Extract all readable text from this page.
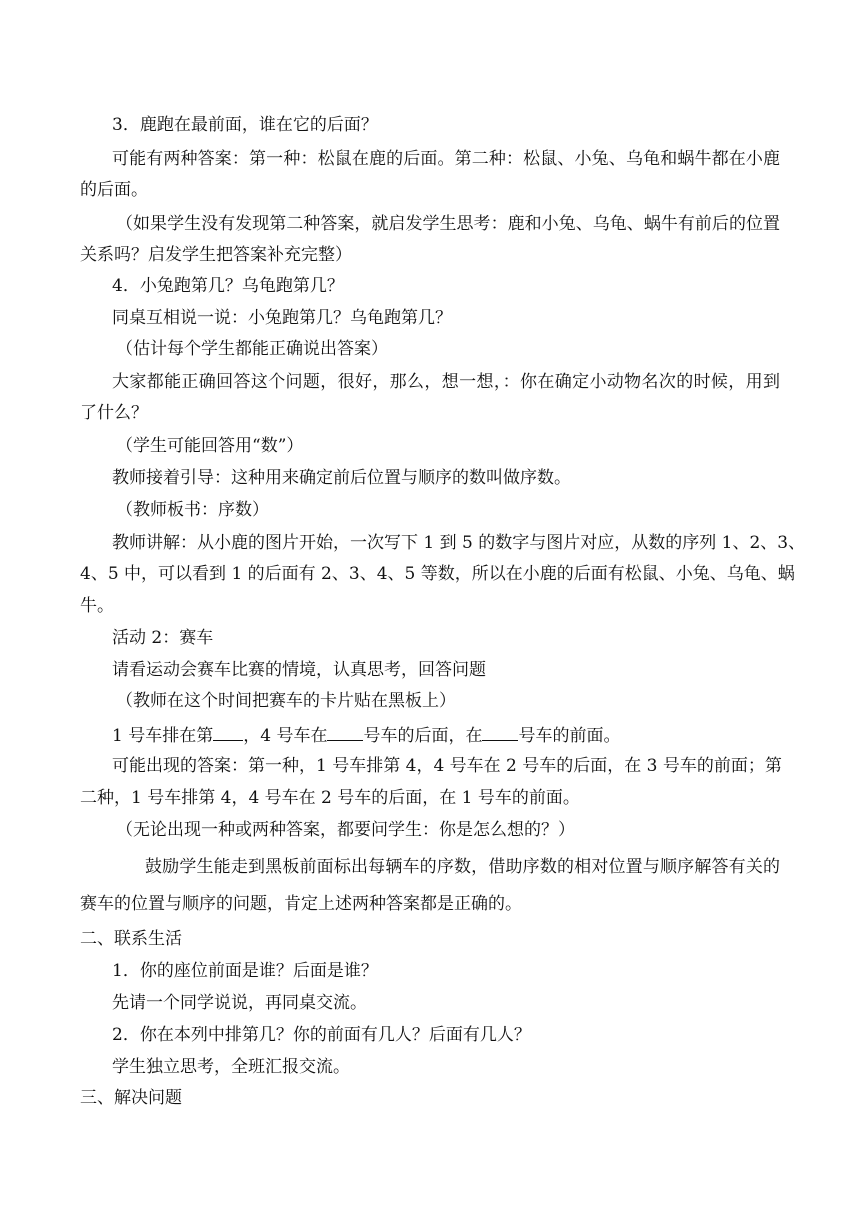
3．鹿跑在最前面，谁在它的后面？
可能有两种答案：第一种：松鼠在鹿的后面。第二种：松鼠、小兔、乌龟和蜗牛都在小鹿
的后面。
（如果学生没有发现第二种答案，就启发学生思考：鹿和小兔、乌龟、蜗牛有前后的位置
关系吗？启发学生把答案补充完整）
4．小兔跑第几？乌龟跑第几？
同桌互相说一说：小兔跑第几？乌龟跑第几？
（估计每个学生都能正确说出答案）
大家都能正确回答这个问题，很好，那么，想一想，：你在确定小动物名次的时候，用到
了什么？
（学生可能回答用“数”）
教师接着引导：这种用来确定前后位置与顺序的数叫做序数。
（教师板书：序数）
教师讲解：从小鹿的图片开始，一次写下 1 到 5 的数字与图片对应，从数的序列 1、2、3、
4、5 中，可以看到 1 的后面有 2、3、4、5 等数，所以在小鹿的后面有松鼠、小兔、乌龟、蜗
牛。
活动 2：赛车
请看运动会赛车比赛的情境，认真思考，回答问题
（教师在这个时间把赛车的卡片贴在黑板上）
1 号车排在第 ，4 号车在 号车的后面，在 号车的前面。
可能出现的答案：第一种，1 号车排第 4，4 号车在 2 号车的后面，在 3 号车的前面；第
二种，1 号车排第 4，4 号车在 2 号车的后面，在 1 号车的前面。
（无论出现一种或两种答案，都要问学生：你是怎么想的？）
鼓励学生能走到黑板前面标出每辆车的序数，借助序数的相对位置与顺序解答有关的
赛车的位置与顺序的问题，肯定上述两种答案都是正确的。
二、联系生活
1．你的座位前面是谁？后面是谁？
先请一个同学说说，再同桌交流。
2．你在本列中排第几？你的前面有几人？后面有几人？
学生独立思考，全班汇报交流。
三、解决问题
